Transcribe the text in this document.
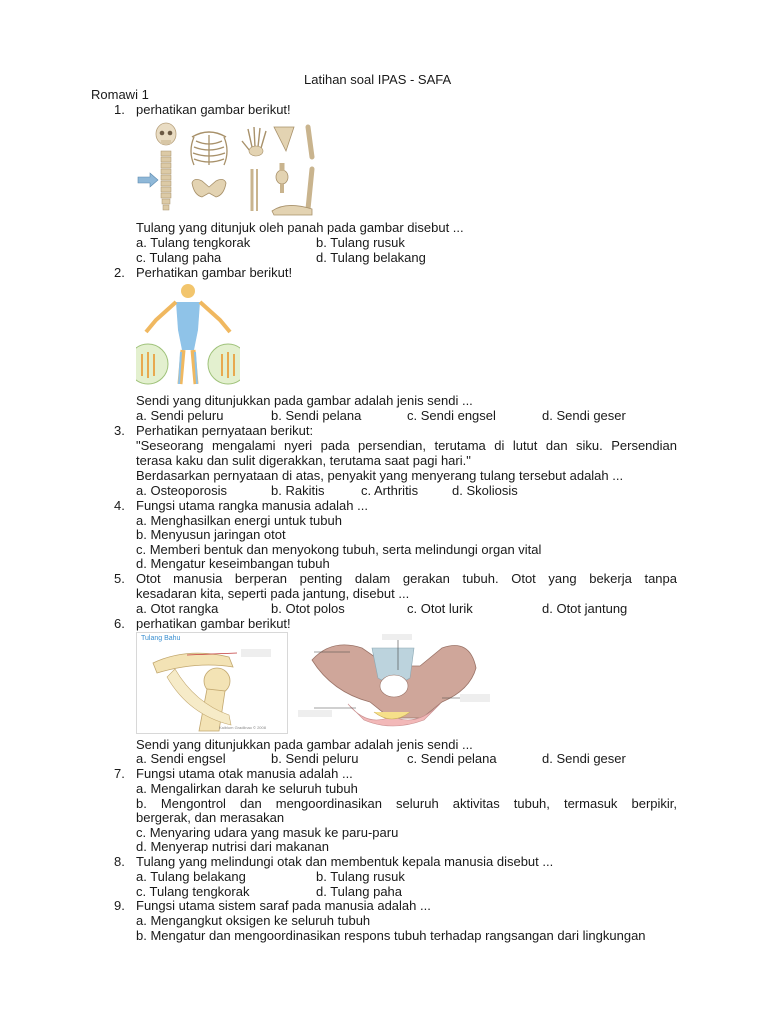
Latihan soal IPAS - SAFA
Romawi 1
1. perhatikan gambar berikut!
Tulang yang ditunjuk oleh panah pada gambar disebut ...
a. Tulang tengkorak	b. Tulang rusuk
c. Tulang paha	d. Tulang belakang
2. Perhatikan gambar berikut!
Sendi yang ditunjukkan pada gambar adalah jenis sendi ...
a. Sendi peluru	b. Sendi pelana	c. Sendi engsel	d. Sendi geser
3. Perhatikan pernyataan berikut:
"Seseorang mengalami nyeri pada persendian, terutama di lutut dan siku. Persendian
terasa kaku dan sulit digerakkan, terutama saat pagi hari."
Berdasarkan pernyataan di atas, penyakit yang menyerang tulang tersebut adalah ...
a. Osteoporosis	b. Rakitis	c. Arthritis	d. Skoliosis
4. Fungsi utama rangka manusia adalah ...
a. Menghasilkan energi untuk tubuh
b. Menyusun jaringan otot
c. Memberi bentuk dan menyokong tubuh, serta melindungi organ vital
d. Mengatur keseimbangan tubuh
5. Otot manusia berperan penting dalam gerakan tubuh. Otot yang bekerja tanpa
kesadaran kita, seperti pada jantung, disebut ...
a. Otot rangka	b. Otot polos	c. Otot lurik	d. Otot jantung
6. perhatikan gambar berikut!
Tulang Bahu
Kaiblum Gradlinao © 2008
Sendi yang ditunjukkan pada gambar adalah jenis sendi ...
a. Sendi engsel	b. Sendi peluru	c. Sendi pelana	d. Sendi geser
7. Fungsi utama otak manusia adalah ...
a. Mengalirkan darah ke seluruh tubuh
b. Mengontrol dan mengoordinasikan seluruh aktivitas tubuh, termasuk berpikir,
bergerak, dan merasakan
c. Menyaring udara yang masuk ke paru-paru
d. Menyerap nutrisi dari makanan
8. Tulang yang melindungi otak dan membentuk kepala manusia disebut ...
a. Tulang belakang	b. Tulang rusuk
c. Tulang tengkorak	d. Tulang paha
9. Fungsi utama sistem saraf pada manusia adalah ...
a. Mengangkut oksigen ke seluruh tubuh
b. Mengatur dan mengoordinasikan respons tubuh terhadap rangsangan dari lingkungan
